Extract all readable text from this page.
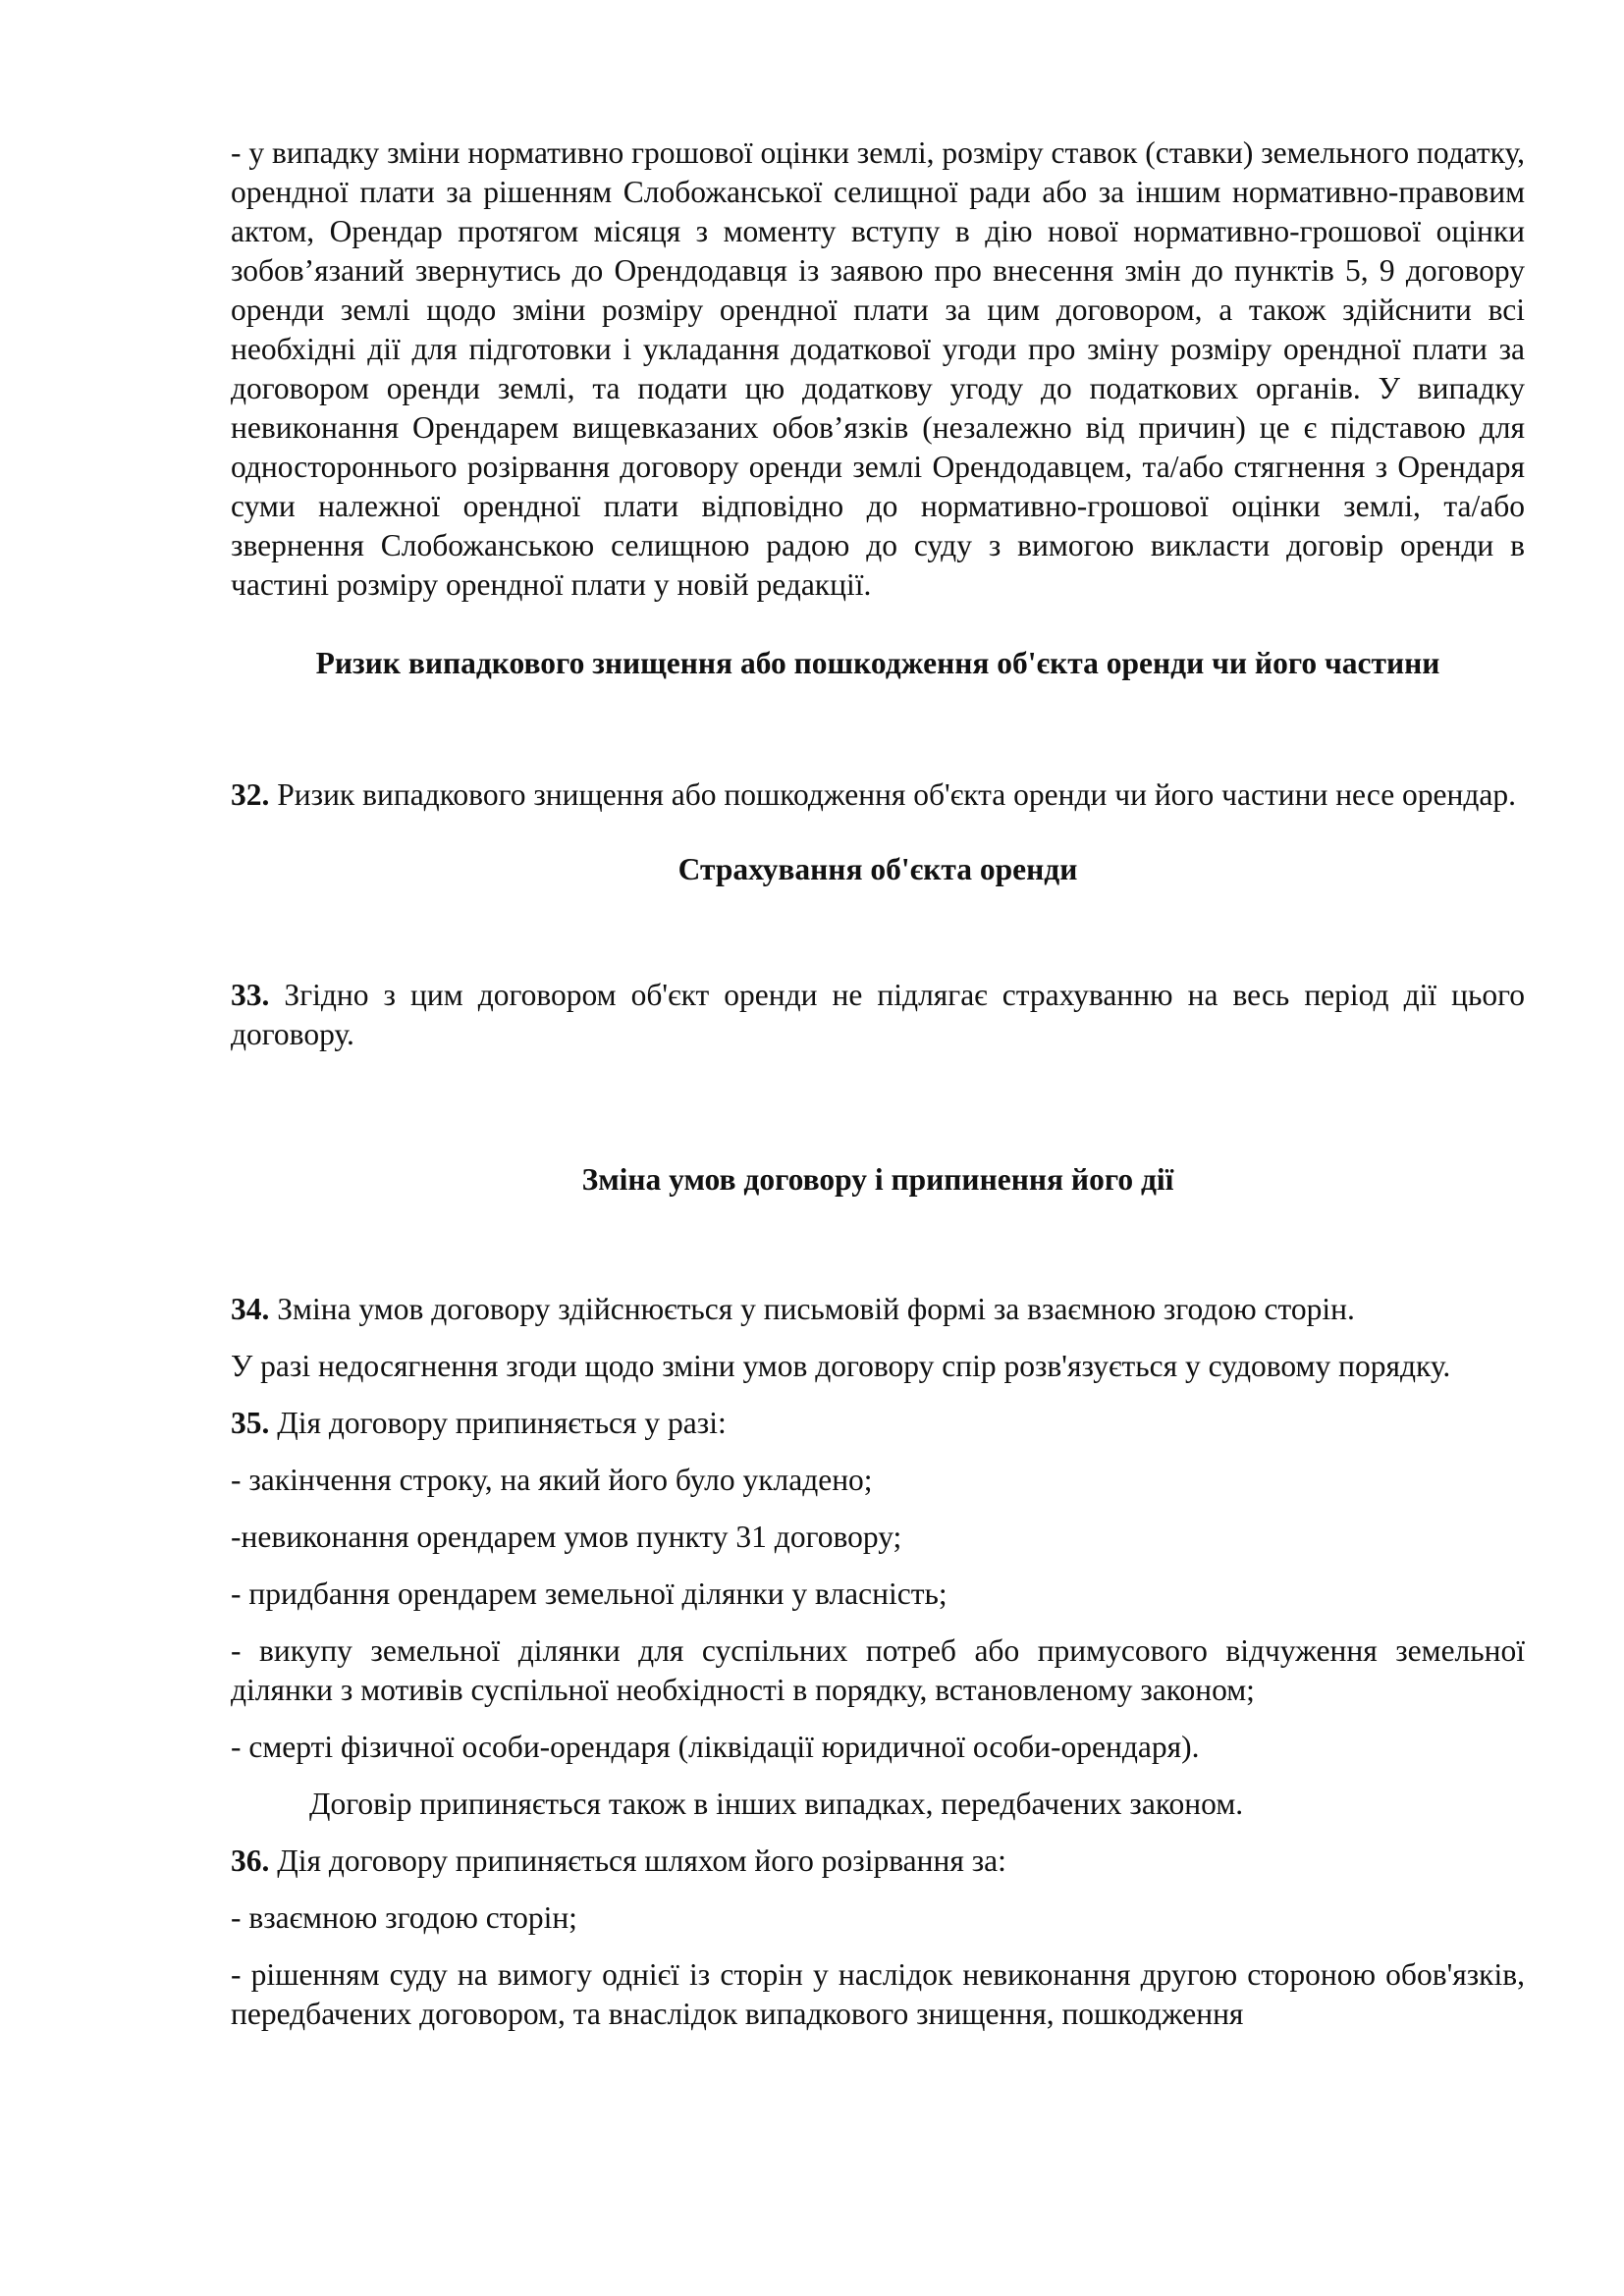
- у випадку зміни нормативно грошової оцінки землі, розміру ставок (ставки) земельного податку, орендної плати за рішенням Слобожанської селищної ради або за іншим нормативно-правовим актом, Орендар протягом місяця з моменту вступу в дію нової нормативно-грошової оцінки зобов’язаний звернутись до Орендодавця із заявою про внесення змін до пунктів 5, 9 договору оренди землі щодо зміни розміру орендної плати за цим договором, а також здійснити всі необхідні дії для підготовки і укладання додаткової угоди про зміну розміру орендної плати за договором оренди землі, та подати цю додаткову угоду до податкових органів. У випадку невиконання Орендарем вищевказаних обов’язків (незалежно від причин) це є підставою для одностороннього розірвання договору оренди землі Орендодавцем, та/або стягнення з Орендаря суми належної орендної плати відповідно до нормативно-грошової оцінки землі, та/або звернення Слобожанською селищною радою до суду з вимогою викласти договір оренди в частині розміру орендної плати у новій редакції.

Ризик випадкового знищення або пошкодження об'єкта оренди чи його частини

32. Ризик випадкового знищення або пошкодження об'єкта оренди чи його частини несе орендар.

Страхування об'єкта оренди

33. Згідно з цим договором об'єкт оренди не підлягає страхуванню на весь період дії цього договору.

Зміна умов договору і припинення його дії

34. Зміна умов договору здійснюється у письмовій формі за взаємною згодою сторін.

У разі недосягнення згоди щодо зміни умов договору спір розв'язується у судовому порядку.

35. Дія договору припиняється у разі:

- закінчення строку, на який його було укладено;

-невиконання орендарем умов пункту 31 договору;

- придбання орендарем земельної ділянки у власність;

- викупу земельної ділянки для суспільних потреб або примусового відчуження земельної ділянки з мотивів суспільної необхідності в порядку, встановленому законом;

- смерті фізичної особи-орендаря (ліквідації юридичної особи-орендаря).

Договір припиняється також в інших випадках, передбачених законом.

36. Дія договору припиняється шляхом його розірвання за:

- взаємною згодою сторін;

- рішенням суду на вимогу однієї із сторін у наслідок невиконання другою стороною обов'язків, передбачених договором, та внаслідок випадкового знищення, пошкодження
